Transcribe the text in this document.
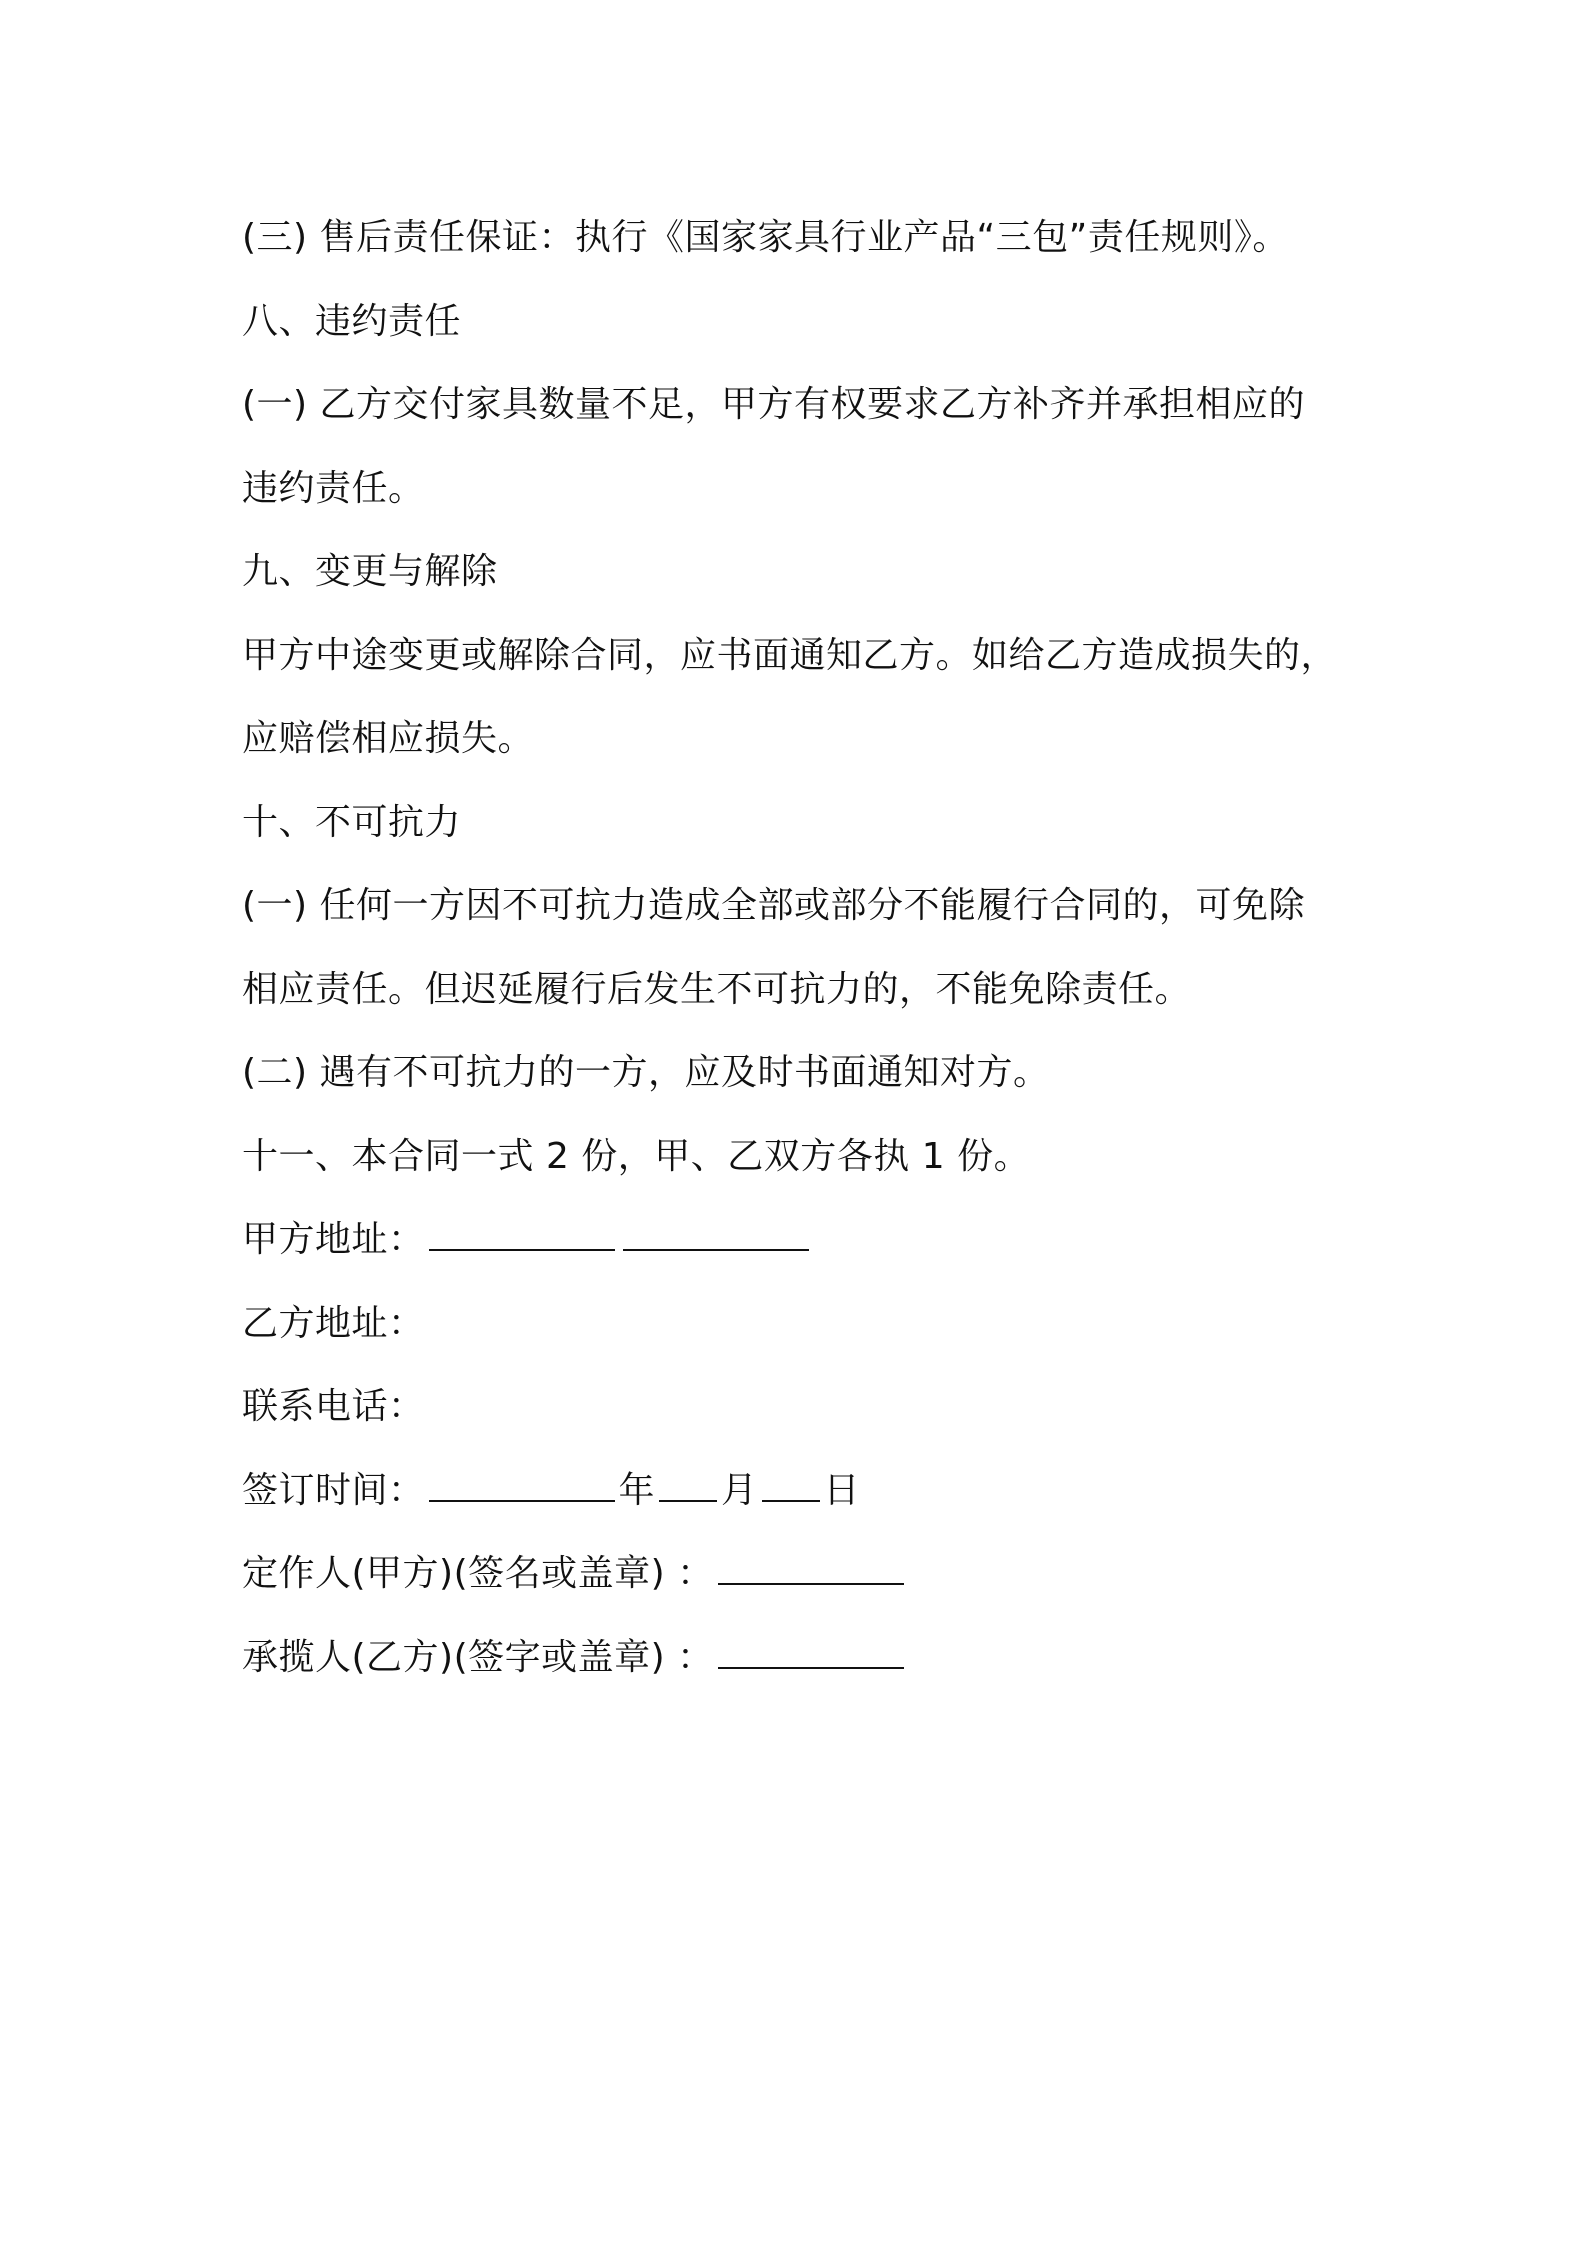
(三) 售后责任保证：执行《国家家具行业产品“三包”责任规则》。
八、违约责任
(一) 乙方交付家具数量不足，甲方有权要求乙方补齐并承担相应的
违约责任。
九、变更与解除
甲方中途变更或解除合同，应书面通知乙方。如给乙方造成损失的，
应赔偿相应损失。
十、不可抗力
(一) 任何一方因不可抗力造成全部或部分不能履行合同的，可免除
相应责任。但迟延履行后发生不可抗力的，不能免除责任。
(二) 遇有不可抗力的一方，应及时书面通知对方。
十一、本合同一式 2 份，甲、乙双方各执 1 份。
甲方地址：
乙方地址：
联系电话：
签订时间：	年 月 日
定作人(甲方)(签名或盖章) ：
承揽人(乙方)(签字或盖章) ：
